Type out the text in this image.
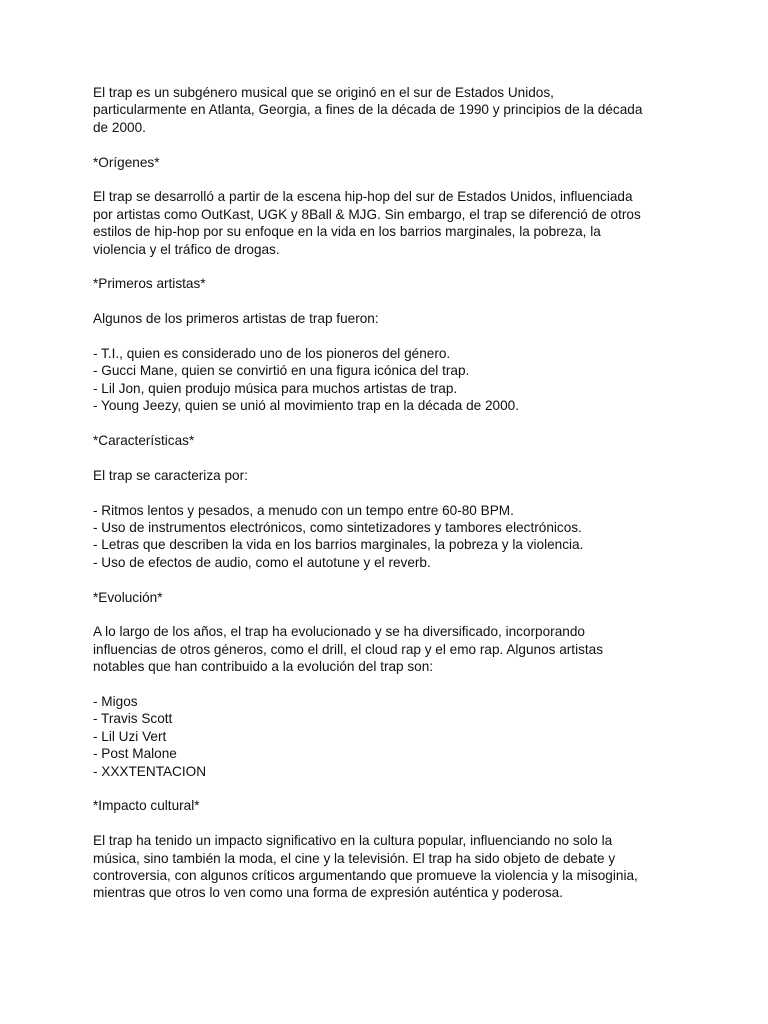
El trap es un subgénero musical que se originó en el sur de Estados Unidos,
particularmente en Atlanta, Georgia, a fines de la década de 1990 y principios de la década
de 2000.
*Orígenes*
El trap se desarrolló a partir de la escena hip-hop del sur de Estados Unidos, influenciada
por artistas como OutKast, UGK y 8Ball & MJG. Sin embargo, el trap se diferenció de otros
estilos de hip-hop por su enfoque en la vida en los barrios marginales, la pobreza, la
violencia y el tráfico de drogas.
*Primeros artistas*
Algunos de los primeros artistas de trap fueron:
- T.I., quien es considerado uno de los pioneros del género.
- Gucci Mane, quien se convirtió en una figura icónica del trap.
- Lil Jon, quien produjo música para muchos artistas de trap.
- Young Jeezy, quien se unió al movimiento trap en la década de 2000.
*Características*
El trap se caracteriza por:
- Ritmos lentos y pesados, a menudo con un tempo entre 60-80 BPM.
- Uso de instrumentos electrónicos, como sintetizadores y tambores electrónicos.
- Letras que describen la vida en los barrios marginales, la pobreza y la violencia.
- Uso de efectos de audio, como el autotune y el reverb.
*Evolución*
A lo largo de los años, el trap ha evolucionado y se ha diversificado, incorporando
influencias de otros géneros, como el drill, el cloud rap y el emo rap. Algunos artistas
notables que han contribuido a la evolución del trap son:
- Migos
- Travis Scott
- Lil Uzi Vert
- Post Malone
- XXXTENTACION
*Impacto cultural*
El trap ha tenido un impacto significativo en la cultura popular, influenciando no solo la
música, sino también la moda, el cine y la televisión. El trap ha sido objeto de debate y
controversia, con algunos críticos argumentando que promueve la violencia y la misoginia,
mientras que otros lo ven como una forma de expresión auténtica y poderosa.
